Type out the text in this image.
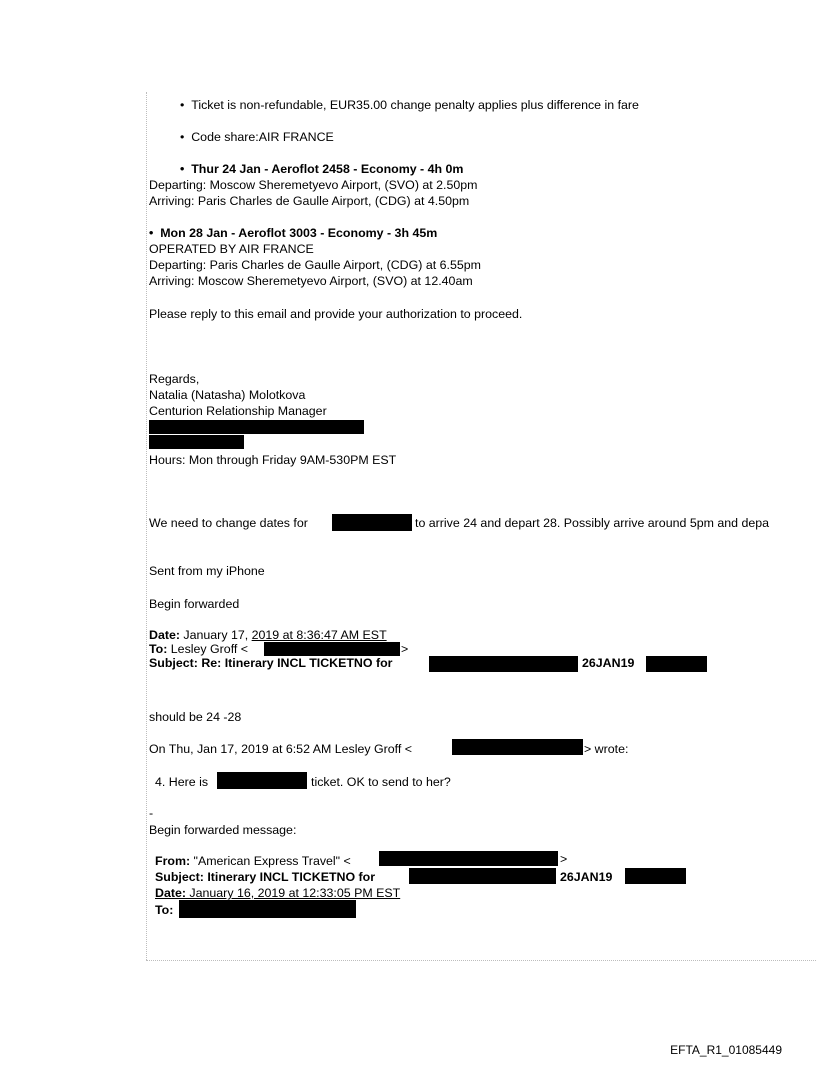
•  Ticket is non-refundable, EUR35.00 change penalty applies plus difference in fare
•  Code share:AIR FRANCE
•  Thur 24 Jan - Aeroflot 2458 - Economy - 4h 0m
Departing: Moscow Sheremetyevo Airport, (SVO) at 2.50pm
Arriving: Paris Charles de Gaulle Airport, (CDG) at 4.50pm
•  Mon 28 Jan - Aeroflot 3003 - Economy - 3h 45m
OPERATED BY AIR FRANCE
Departing: Paris Charles de Gaulle Airport, (CDG) at 6.55pm
Arriving: Moscow Sheremetyevo Airport, (SVO) at 12.40am
Please reply to this email and provide your authorization to proceed.
Regards,
Natalia (Natasha) Molotkova
Centurion Relationship Manager
Hours: Mon through Friday 9AM-530PM EST
We need to change dates for	to arrive 24 and depart 28. Possibly arrive around 5pm and depa
Sent from my iPhone
Begin forwarded
Date: January 17, 2019 at 8:36:47 AM EST
To: Lesley Groff <	>
Subject: Re: Itinerary INCL TICKETNO for	26JAN19
should be 24 -28
On Thu, Jan 17, 2019 at 6:52 AM Lesley Groff <	> wrote:
4. Here is	ticket. OK to send to her?
-
Begin forwarded message:
From: "American Express Travel" <	>
Subject: Itinerary INCL TICKETNO for	26JAN19
Date: January 16, 2019 at 12:33:05 PM EST
To:
EFTA_R1_01085449
